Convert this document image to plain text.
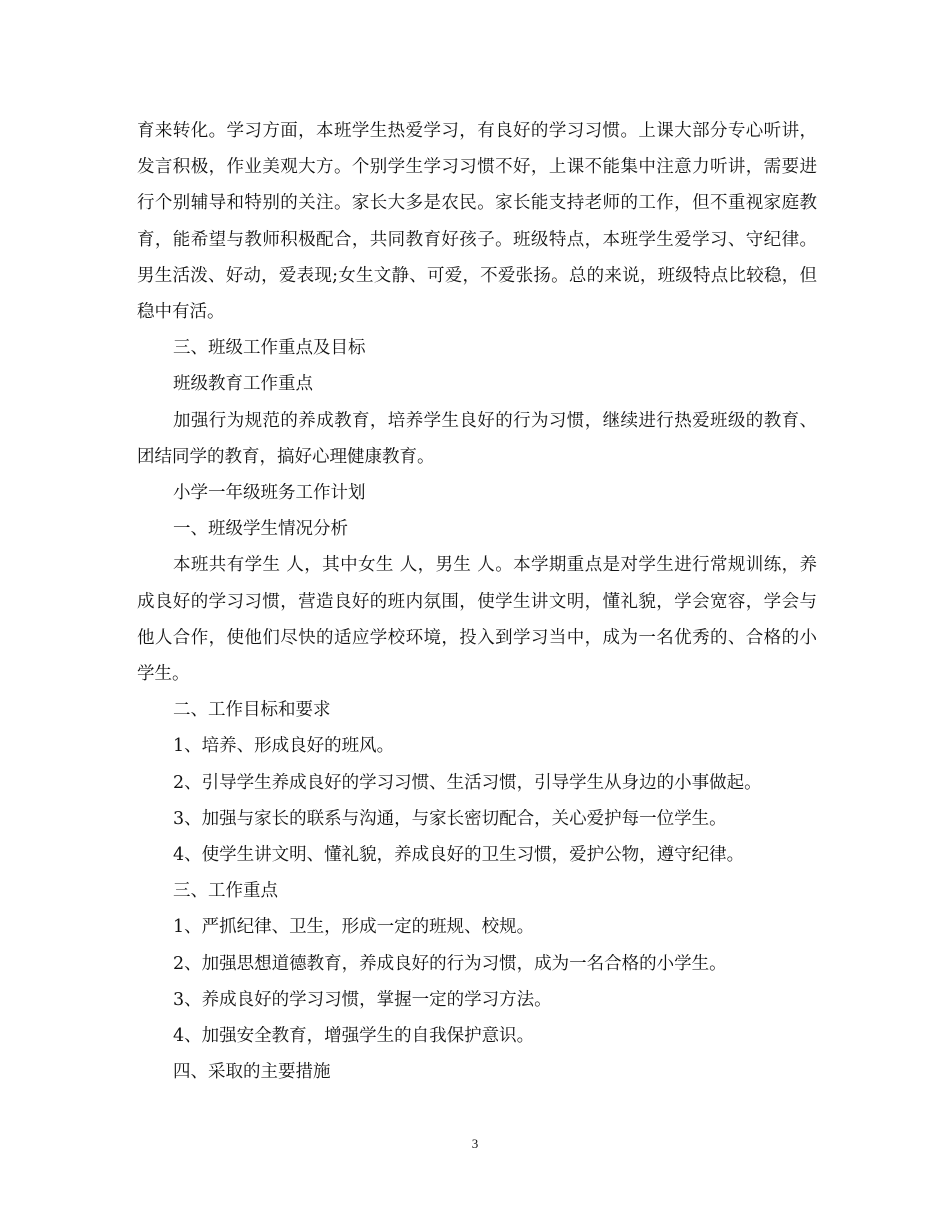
育来转化。学习方面，本班学生热爱学习，有良好的学习习惯。上课大部分专心听讲，发言积极，作业美观大方。个别学生学习习惯不好，上课不能集中注意力听讲，需要进行个别辅导和特别的关注。家长大多是农民。家长能支持老师的工作，但不重视家庭教育，能希望与教师积极配合，共同教育好孩子。班级特点，本班学生爱学习、守纪律。男生活泼、好动，爱表现;女生文静、可爱，不爱张扬。总的来说，班级特点比较稳，但稳中有活。

三、班级工作重点及目标

班级教育工作重点

加强行为规范的养成教育，培养学生良好的行为习惯，继续进行热爱班级的教育、团结同学的教育，搞好心理健康教育。

小学一年级班务工作计划

一、班级学生情况分析

本班共有学生 人，其中女生 人，男生 人。本学期重点是对学生进行常规训练，养成良好的学习习惯，营造良好的班内氛围，使学生讲文明，懂礼貌，学会宽容，学会与他人合作，使他们尽快的适应学校环境，投入到学习当中，成为一名优秀的、合格的小学生。

二、工作目标和要求

1、培养、形成良好的班风。

2、引导学生养成良好的学习习惯、生活习惯，引导学生从身边的小事做起。

3、加强与家长的联系与沟通，与家长密切配合，关心爱护每一位学生。

4、使学生讲文明、懂礼貌，养成良好的卫生习惯，爱护公物，遵守纪律。

三、工作重点

1、严抓纪律、卫生，形成一定的班规、校规。

2、加强思想道德教育，养成良好的行为习惯，成为一名合格的小学生。

3、养成良好的学习习惯，掌握一定的学习方法。

4、加强安全教育，增强学生的自我保护意识。

四、采取的主要措施

3
